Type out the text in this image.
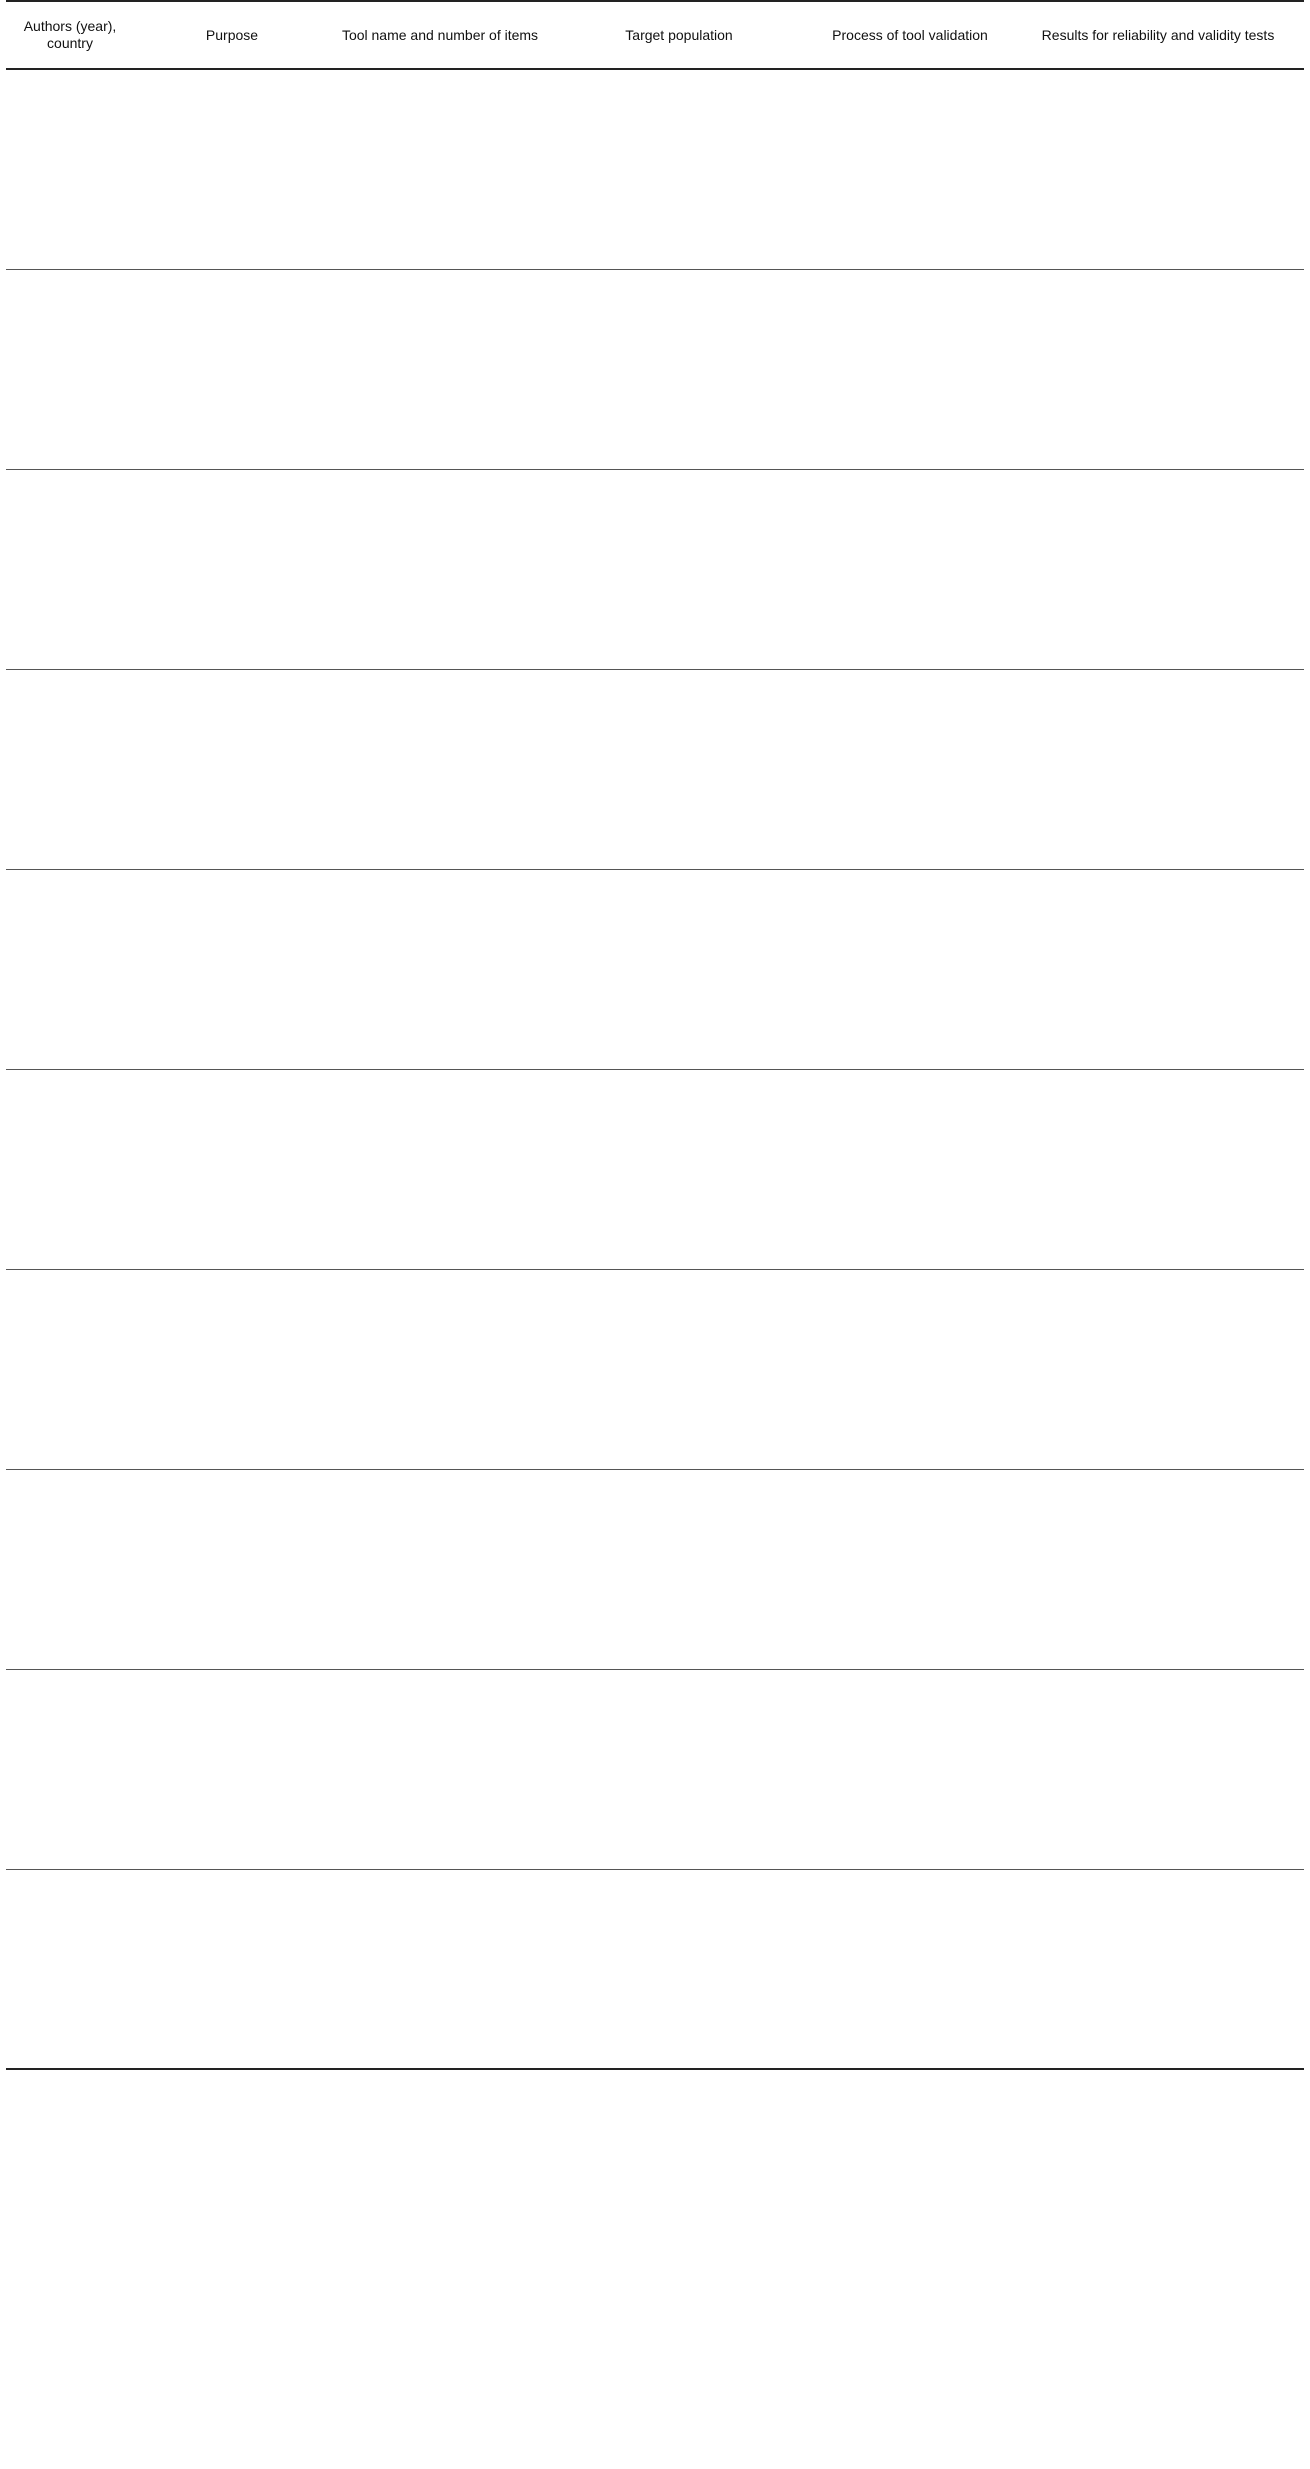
Authors (year), country	Purpose	Tool name and number of items	Target population	Process of tool validation	Results for reliability and validity tests
